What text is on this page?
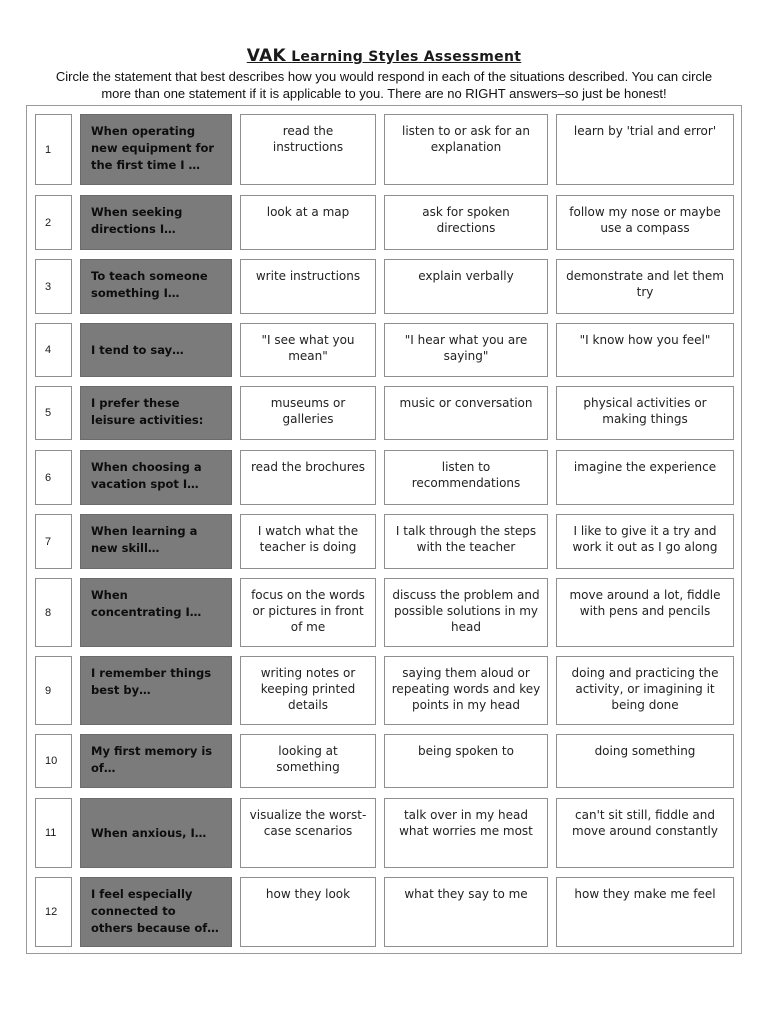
VAK Learning Styles Assessment
Circle the statement that best describes how you would respond in each of the situations described. You can circle more than one statement if it is applicable to you. There are no RIGHT answers–so just be honest!
1
When operating new equipment for the first time I …
read the instructions
listen to or ask for an explanation
learn by 'trial and error'
2
When seeking directions I…
look at a map	ask for spoken directions
follow my nose or maybe use a compass
3
To teach someone something I…
write instructions	explain verbally	demonstrate and let them try
4	I tend to say…
"I see what you mean"
"I hear what you are saying"
"I know how you feel"
5
I prefer these leisure activities:
museums or galleries
music or conversation	physical activities or making things
6
When choosing a vacation spot I…
read the brochures	listen to recommendations
imagine the experience
7
When learning a new skill…
I watch what the teacher is doing
I talk through the steps with the teacher
I like to give it a try and work it out as I go along
8
When concentrating I…
focus on the words or pictures in front of me
discuss the problem and possible solutions in my head
move around a lot, fiddle with pens and pencils
9
I remember things best by…
writing notes or keeping printed details
saying them aloud or repeating words and key points in my head
doing and practicing the activity, or imagining it being done
10
My first memory is of…
looking at something
being spoken to	doing something
11	When anxious, I…
visualize the worst-case scenarios
talk over in my head what worries me most
can't sit still, fiddle and move around constantly
12
I feel especially connected to others because of…
how they look	what they say to me	how they make me feel
